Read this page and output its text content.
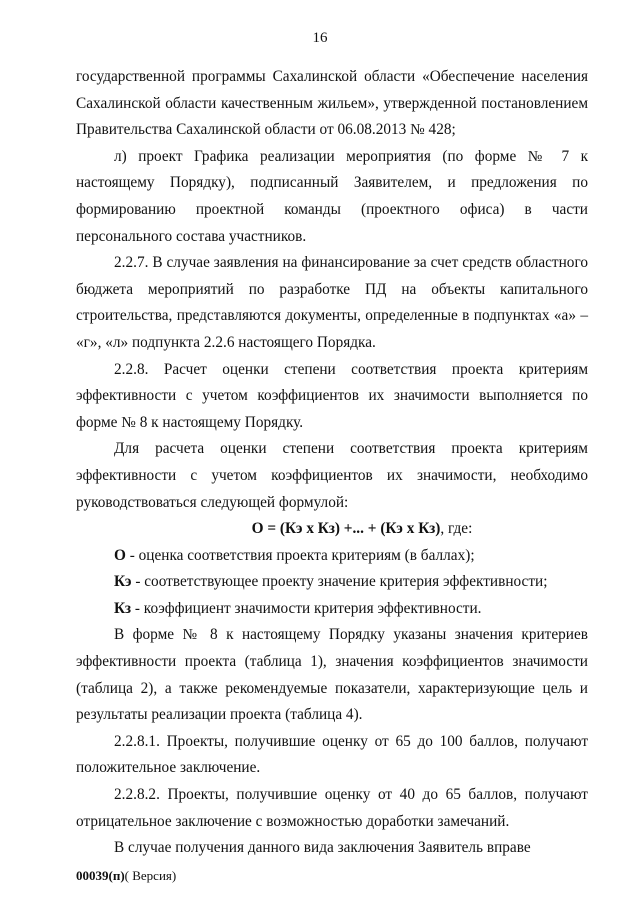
16

государственной программы Сахалинской области «Обеспечение населения Сахалинской области качественным жильем», утвержденной постановлением Правительства Сахалинской области от 06.08.2013 № 428;

л) проект Графика реализации мероприятия (по форме № 7 к настоящему Порядку), подписанный Заявителем, и предложения по формированию проектной команды (проектного офиса) в части персонального состава участников.

2.2.7. В случае заявления на финансирование за счет средств областного бюджета мероприятий по разработке ПД на объекты капитального строительства, представляются документы, определенные в подпунктах «а» – «г», «л» подпункта 2.2.6 настоящего Порядка.

2.2.8. Расчет оценки степени соответствия проекта критериям эффективности с учетом коэффициентов их значимости выполняется по форме № 8 к настоящему Порядку.

Для расчета оценки степени соответствия проекта критериям эффективности с учетом коэффициентов их значимости, необходимо руководствоваться следующей формулой:

О = (Кэ х Кз) +... + (Кэ х Кз), где:

О - оценка соответствия проекта критериям (в баллах);

Кэ - соответствующее проекту значение критерия эффективности;

Кз - коэффициент значимости критерия эффективности.

В форме № 8 к настоящему Порядку указаны значения критериев эффективности проекта (таблица 1), значения коэффициентов значимости (таблица 2), а также рекомендуемые показатели, характеризующие цель и результаты реализации проекта (таблица 4).

2.2.8.1. Проекты, получившие оценку от 65 до 100 баллов, получают положительное заключение.

2.2.8.2. Проекты, получившие оценку от 40 до 65 баллов, получают отрицательное заключение с возможностью доработки замечаний.

В случае получения данного вида заключения Заявитель вправе

00039(п)( Версия)
